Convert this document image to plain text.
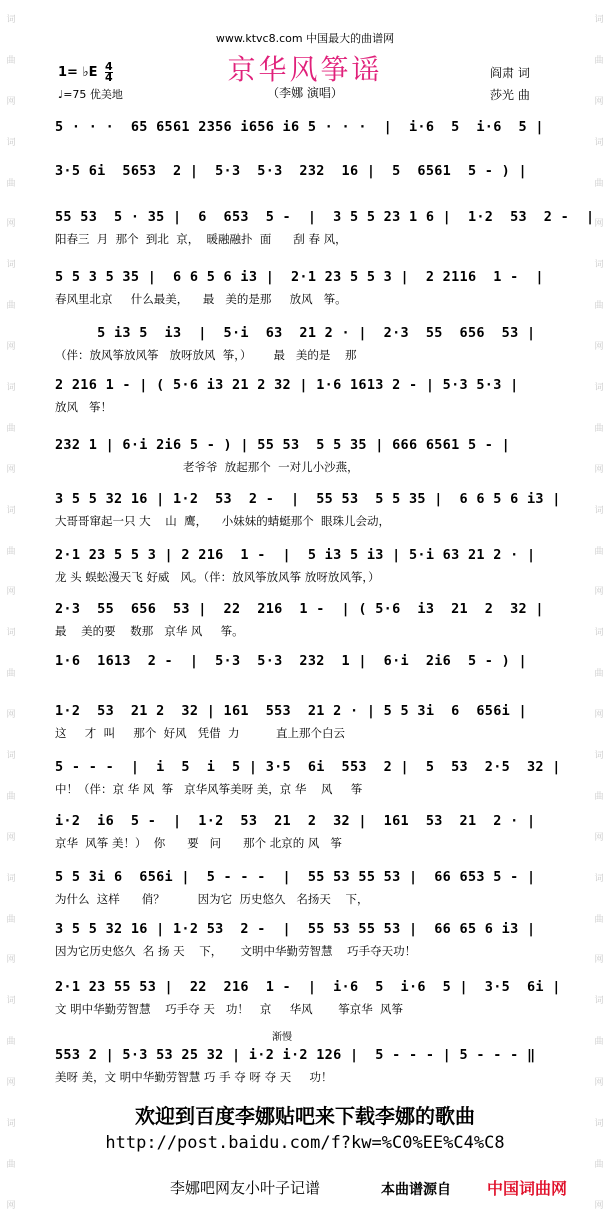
词
曲
网
词
曲
网
词
曲
网
词
曲
网
词
曲
网
词
曲
网
词
曲
网
词
曲
网
词
曲
网
词
曲
网
词
曲
网
词
曲
网
词
曲
网
词
曲
网
词
曲
网
词
曲
网
词
曲
网
词
曲
网
词
曲
网
词
曲
网
www.ktvc8.com 中国最大的曲谱网
京华风筝谣
（李娜 演唱）
1= ♭E $\frac{4}{4}$
♩=75 优美地
阎肃 词
莎光 曲
5 · · ·  65 6561 2356 i656 i6 5 · · ·  |  i·6  5  i·6  5 |
3·5 6i  5653  2 |  5·3  5·3  232  16 |  5  6561  5 - ) |
55 53  5 · 35 |  6  653  5 -  |  3 5 5 23 1 6 |  1·2  53  2 -  |
阳春三  月  那个  到北  京，  暖融融扑  面      刮 春 风，
5 5 3 5 35 |  6 6 5 6 i3 |  2·1 23 5 5 3 |  2 2116  1 -  |
春风里北京     什么最美，    最   美的是那     放风   筝。
5 i3 5  i3  |  5·i  63  21 2 · |  2·3  55  656  53 |
（伴：放风筝放风筝   放呀放风  筝，）      最   美的是    那
2 216 1 - | ( 5·6 i3 21 2 32 | 1·6 1613 2 - | 5·3 5·3 |
放风   筝！
232 1 | 6·i 2i6 5 - ) | 55 53  5 5 35 | 666 6561 5 - |
老爷爷  放起那个  一对儿小沙燕，
3 5 5 32 16 | 1·2  53  2 -  |  55 53  5 5 35 |  6 6 5 6 i3 |
大哥哥窜起一只 大    山  鹰，    小妹妹的蜻蜓那个  眼珠儿会动，
2·1 23 5 5 3 | 2 216  1 -  |  5 i3 5 i3 | 5·i 63 21 2 · |
龙 头 蜈蚣漫天飞 好威   风。（伴：放风筝放风筝 放呀放风筝，）
2·3  55  656  53 |  22  216  1 -  | ( 5·6  i3  21  2  32 |
最    美的要    数那   京华 风     筝。
1·6  1613  2 -  |  5·3  5·3  232  1 |  6·i  2i6  5 - ) |
1·2  53  21 2  32 | 161  553  21 2 · | 5 5 3i  6  656i |
这     才  叫     那个  好风   凭借  力          直上那个白云
5 - - -  |  i  5  i  5 | 3·5  6i  553  2 |  5  53  2·5  32 |
中！（伴：京 华 风  筝   京华风筝美呀 美，京 华    风     筝
i·2  i6  5 -  |  1·2  53  21  2  32 |  161  53  21  2 · |
京华  风筝 美！）  你      要   问      那个 北京的 风   筝
5 5 3i 6  656i |  5 - - -  |  55 53 55 53 |  66 653 5 - |
为什么  这样      俏？         因为它  历史悠久   名扬天    下，
3 5 5 32 16 | 1·2 53  2 -  |  55 53 55 53 |  66 65 6 i3 |
因为它历史悠久  名 扬 天    下，     文明中华勤劳智慧    巧手夺天功！
2·1 23 55 53 |  22  216  1 -  |  i·6  5  i·6  5 |  3·5  6i |
文 明中华勤劳智慧    巧手夺 天   功！   京     华风       筝京华  风筝
553 2 | 5·3 53 25 32 | i·2 i·2 126 |  5 - - - | 5 - - - ‖
美呀 美，文 明中华勤劳智慧 巧 手 夺 呀 夺 天     功！
渐慢
欢迎到百度李娜贴吧来下载李娜的歌曲
http://post.baidu.com/f?kw=%C0%EE%C4%C8
李娜吧网友小叶子记谱	本曲谱源自 中国词曲网
